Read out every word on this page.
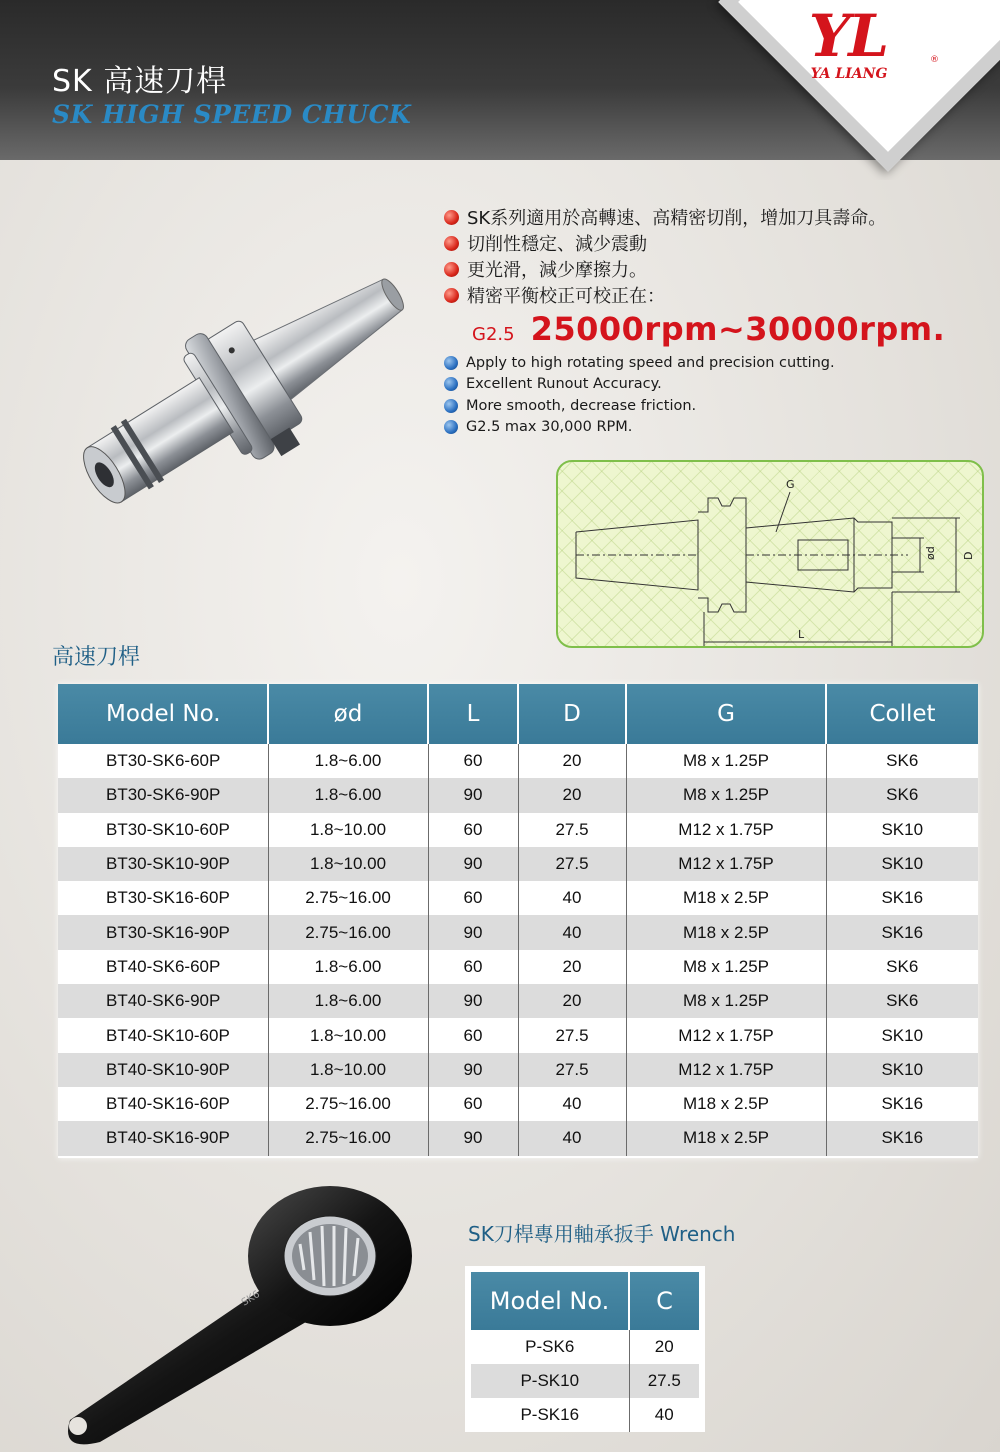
SK 高速刀桿
SK HIGH SPEED CHUCK
YL	®
YA LIANG
SK系列適用於高轉速、高精密切削，增加刀具壽命。
切削性穩定、減少震動
更光滑，減少摩擦力。
精密平衡校正可校正在：
G2.5 25000rpm~30000rpm.
Apply to high rotating speed and precision cutting.
Excellent Runout Accuracy.
More smooth, decrease friction.
G2.5 max 30,000 RPM.
G
ød D
L
高速刀桿
Model No.	ød	L	D	G	Collet
BT30-SK6-60P	1.8~6.00	60	20	M8 x 1.25P	SK6
BT30-SK6-90P	1.8~6.00	90	20	M8 x 1.25P	SK6
BT30-SK10-60P	1.8~10.00	60	27.5	M12 x 1.75P	SK10
BT30-SK10-90P	1.8~10.00	90	27.5	M12 x 1.75P	SK10
BT30-SK16-60P	2.75~16.00	60	40	M18 x 2.5P	SK16
BT30-SK16-90P	2.75~16.00	90	40	M18 x 2.5P	SK16
BT40-SK6-60P	1.8~6.00	60	20	M8 x 1.25P	SK6
BT40-SK6-90P	1.8~6.00	90	20	M8 x 1.25P	SK6
BT40-SK10-60P	1.8~10.00	60	27.5	M12 x 1.75P	SK10
BT40-SK10-90P	1.8~10.00	90	27.5	M12 x 1.75P	SK10
BT40-SK16-60P	2.75~16.00	60	40	M18 x 2.5P	SK16
BT40-SK16-90P	2.75~16.00	90	40	M18 x 2.5P	SK16
SK6
SK刀桿專用軸承扳手 Wrench
Model No.	C
P-SK6	20
P-SK10	27.5
P-SK16	40
